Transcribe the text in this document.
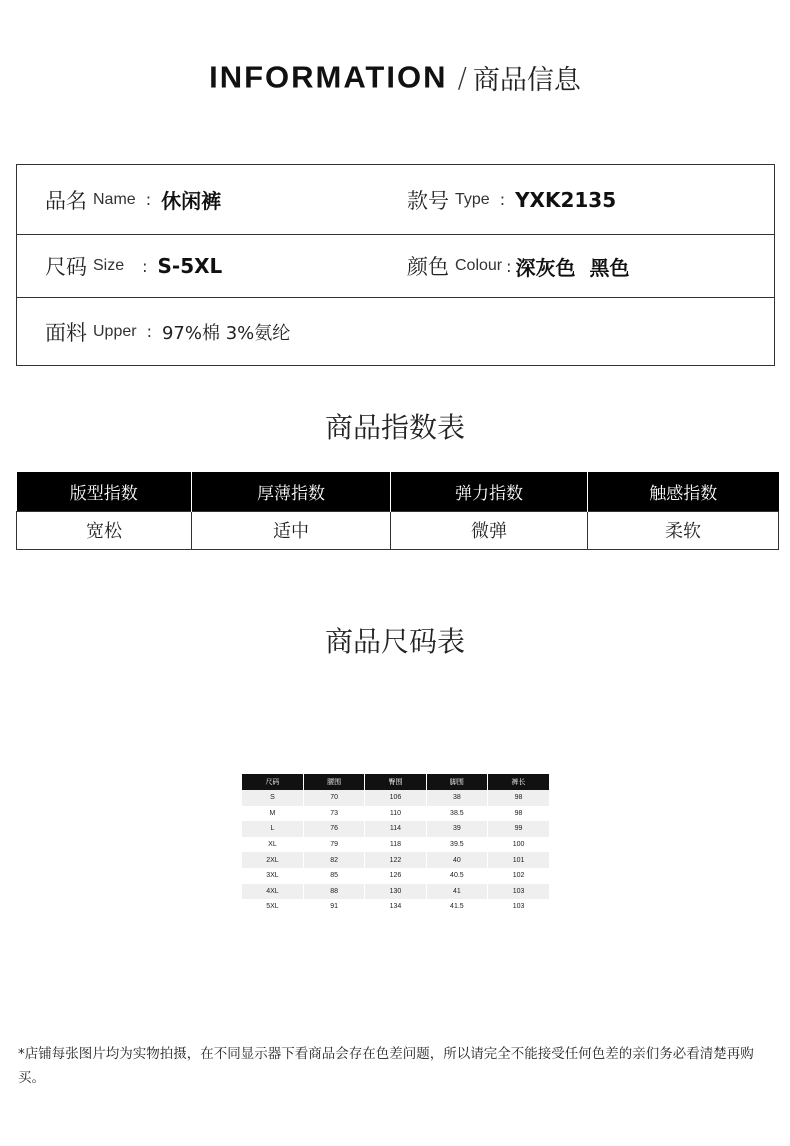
INFORMATION / 商品信息
品名 Name : 休闲裤	款号 Type : YXK2135
尺码 Size : S-5XL	颜色 Colour : 深灰色  黑色
面料 Upper : 97%棉 3%氨纶
商品指数表
版型指数	厚薄指数	弹力指数	触感指数
宽松	适中	微弹	柔软
商品尺码表
尺码	腰围	臀围	脚围	裤长
S	70	106	38	98
M	73	110	38.5	98
L	76	114	39	99
XL	79	118	39.5	100
2XL	82	122	40	101
3XL	85	126	40.5	102
4XL	88	130	41	103
5XL	91	134	41.5	103
*店铺每张图片均为实物拍摄，在不同显示器下看商品会存在色差问题，所以请完全不能接受任何色差的亲们务必看清楚再购买。
